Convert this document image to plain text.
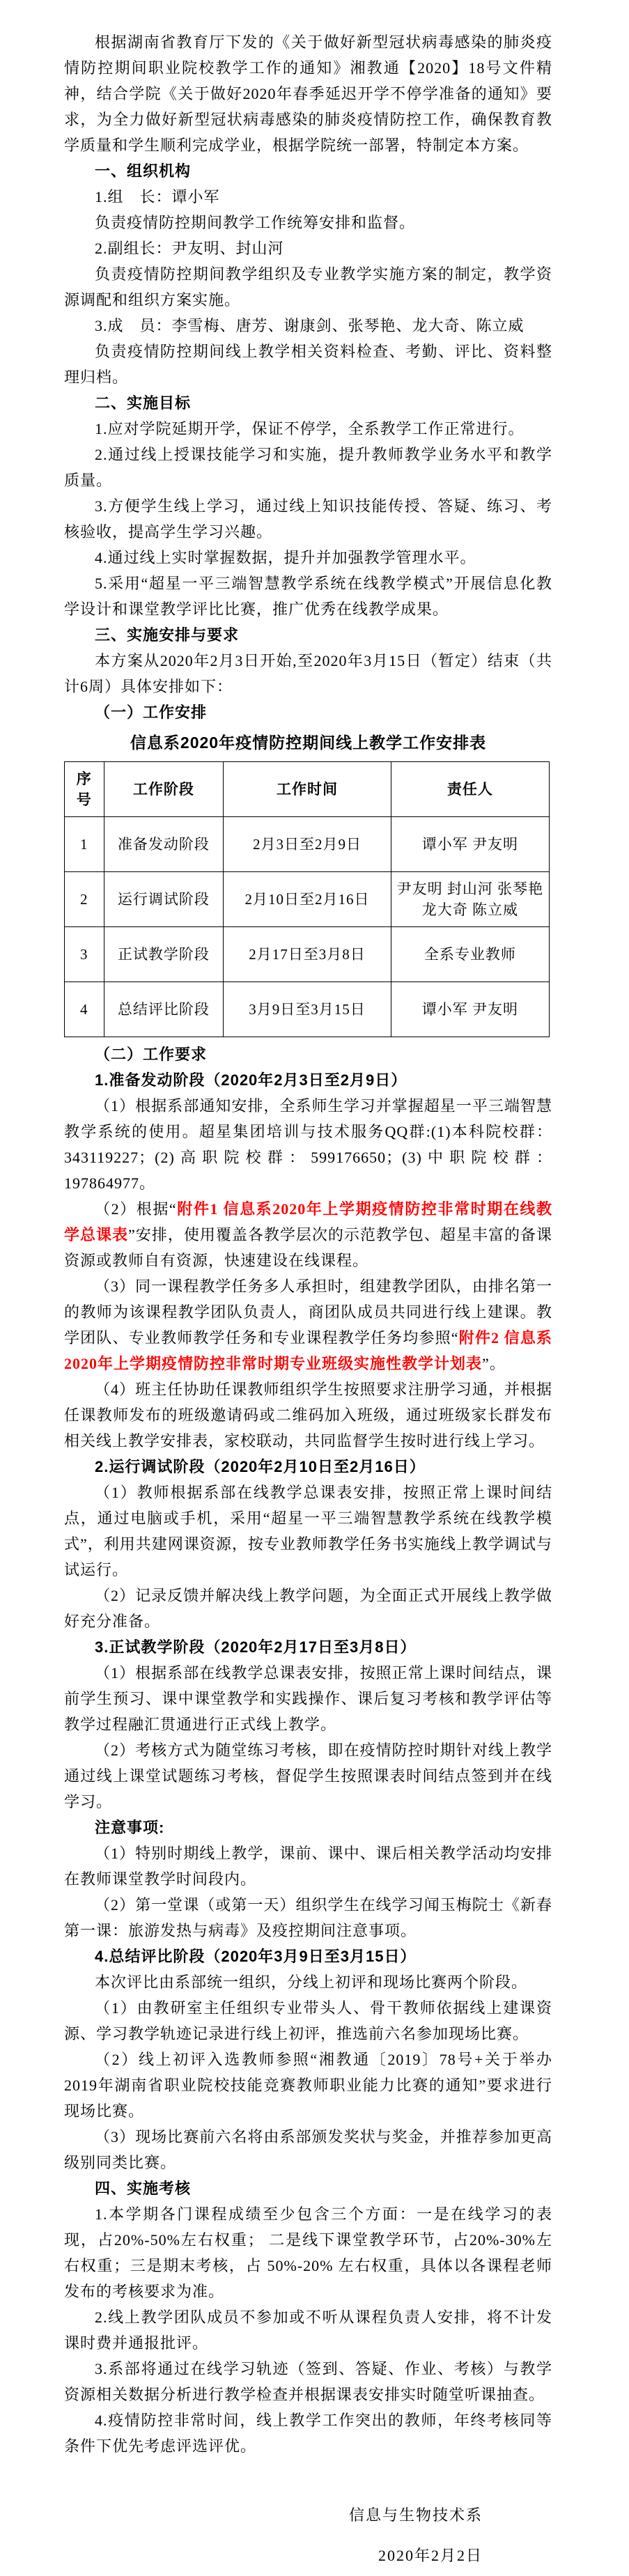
根据湖南省教育厅下发的《关于做好新型冠状病毒感染的肺炎疫情防控期间职业院校教学工作的通知》湘教通【2020】18号文件精神，结合学院《关于做好2020年春季延迟开学不停学准备的通知》要求，为全力做好新型冠状病毒感染的肺炎疫情防控工作，确保教育教学质量和学生顺利完成学业，根据学院统一部署，特制定本方案。

一、组织机构

1.组　长：谭小军

负责疫情防控期间教学工作统筹安排和监督。

2.副组长：尹友明、封山河

负责疫情防控期间教学组织及专业教学实施方案的制定，教学资源调配和组织方案实施。

3.成　员：李雪梅、唐芳、谢康剑、张琴艳、龙大奇、陈立威

负责疫情防控期间线上教学相关资料检查、考勤、评比、资料整理归档。

二、实施目标

1.应对学院延期开学，保证不停学，全系教学工作正常进行。

2.通过线上授课技能学习和实施，提升教师教学业务水平和教学质量。

3.方便学生线上学习，通过线上知识技能传授、答疑、练习、考核验收，提高学生学习兴趣。

4.通过线上实时掌握数据，提升并加强教学管理水平。

5.采用“超星一平三端智慧教学系统在线教学模式”开展信息化教学设计和课堂教学评比比赛，推广优秀在线教学成果。

三、实施安排与要求

本方案从2020年2月3日开始,至2020年3月15日（暂定）结束（共计6周）具体安排如下：

（一）工作安排
信息系2020年疫情防控期间线上教学工作安排表
序号	工作阶段	工作时间	责任人
1	准备发动阶段	2月3日至2月9日	谭小军 尹友明
2	运行调试阶段	2月10日至2月16日	尹友明 封山河 张琴艳 龙大奇 陈立威
3	正试教学阶段	2月17日至3月8日	全系专业教师
4	总结评比阶段	3月9日至3月15日	谭小军 尹友明
（二）工作要求
1.准备发动阶段（2020年2月3日至2月9日）

（1）根据系部通知安排，全系师生学习并掌握超星一平三端智慧教学系统的使用。超星集团培训与技术服务QQ群:(1)本科院校群：343119227；(2)高职院校群：599176650；(3)中职院校群：197864977。

（2）根据“附件1 信息系2020年上学期疫情防控非常时期在线教学总课表”安排，使用覆盖各教学层次的示范教学包、超星丰富的备课资源或教师自有资源，快速建设在线课程。

（3）同一课程教学任务多人承担时，组建教学团队，由排名第一的教师为该课程教学团队负责人，商团队成员共同进行线上建课。教学团队、专业教师教学任务和专业课程教学任务均参照“附件2 信息系2020年上学期疫情防控非常时期专业班级实施性教学计划表”。

（4）班主任协助任课教师组织学生按照要求注册学习通，并根据任课教师发布的班级邀请码或二维码加入班级，通过班级家长群发布相关线上教学安排表，家校联动，共同监督学生按时进行线上学习。

2.运行调试阶段（2020年2月10日至2月16日）

（1）教师根据系部在线教学总课表安排，按照正常上课时间结点，通过电脑或手机，采用“超星一平三端智慧教学系统在线教学模式”，利用共建网课资源，按专业教师教学任务书实施线上教学调试与试运行。

（2）记录反馈并解决线上教学问题，为全面正式开展线上教学做好充分准备。

3.正试教学阶段（2020年2月17日至3月8日）

（1）根据系部在线教学总课表安排，按照正常上课时间结点，课前学生预习、课中课堂教学和实践操作、课后复习考核和教学评估等教学过程融汇贯通进行正式线上教学。

（2）考核方式为随堂练习考核，即在疫情防控时期针对线上教学通过线上课堂试题练习考核，督促学生按照课表时间结点签到并在线学习。

注意事项:

（1）特别时期线上教学，课前、课中、课后相关教学活动均安排在教师课堂教学时间段内。

（2）第一堂课（或第一天）组织学生在线学习闻玉梅院士《新春第一课：旅游发热与病毒》及疫控期间注意事项。

4.总结评比阶段（2020年3月9日至3月15日）

本次评比由系部统一组织，分线上初评和现场比赛两个阶段。

（1）由教研室主任组织专业带头人、骨干教师依据线上建课资源、学习教学轨迹记录进行线上初评，推选前六名参加现场比赛。

（2）线上初评入选教师参照“湘教通〔2019〕78号+关于举办2019年湖南省职业院校技能竞赛教师职业能力比赛的通知”要求进行现场比赛。

（3）现场比赛前六名将由系部颁发奖状与奖金，并推荐参加更高级别同类比赛。

四、实施考核

1.本学期各门课程成绩至少包含三个方面：一是在线学习的表现，占20%-50%左右权重； 二是线下课堂教学环节，占20%-30%左右权重；三是期末考核，占 50%-20% 左右权重，具体以各课程老师发布的考核要求为准。

2.线上教学团队成员不参加或不听从课程负责人安排，将不计发课时费并通报批评。

3.系部将通过在线学习轨迹（签到、答疑、作业、考核）与教学资源相关数据分析进行教学检查并根据课表安排实时随堂听课抽查。

4.疫情防控非常时间，线上教学工作突出的教师，年终考核同等条件下优先考虑评选评优。

信息与生物技术系
2020年2月2日
